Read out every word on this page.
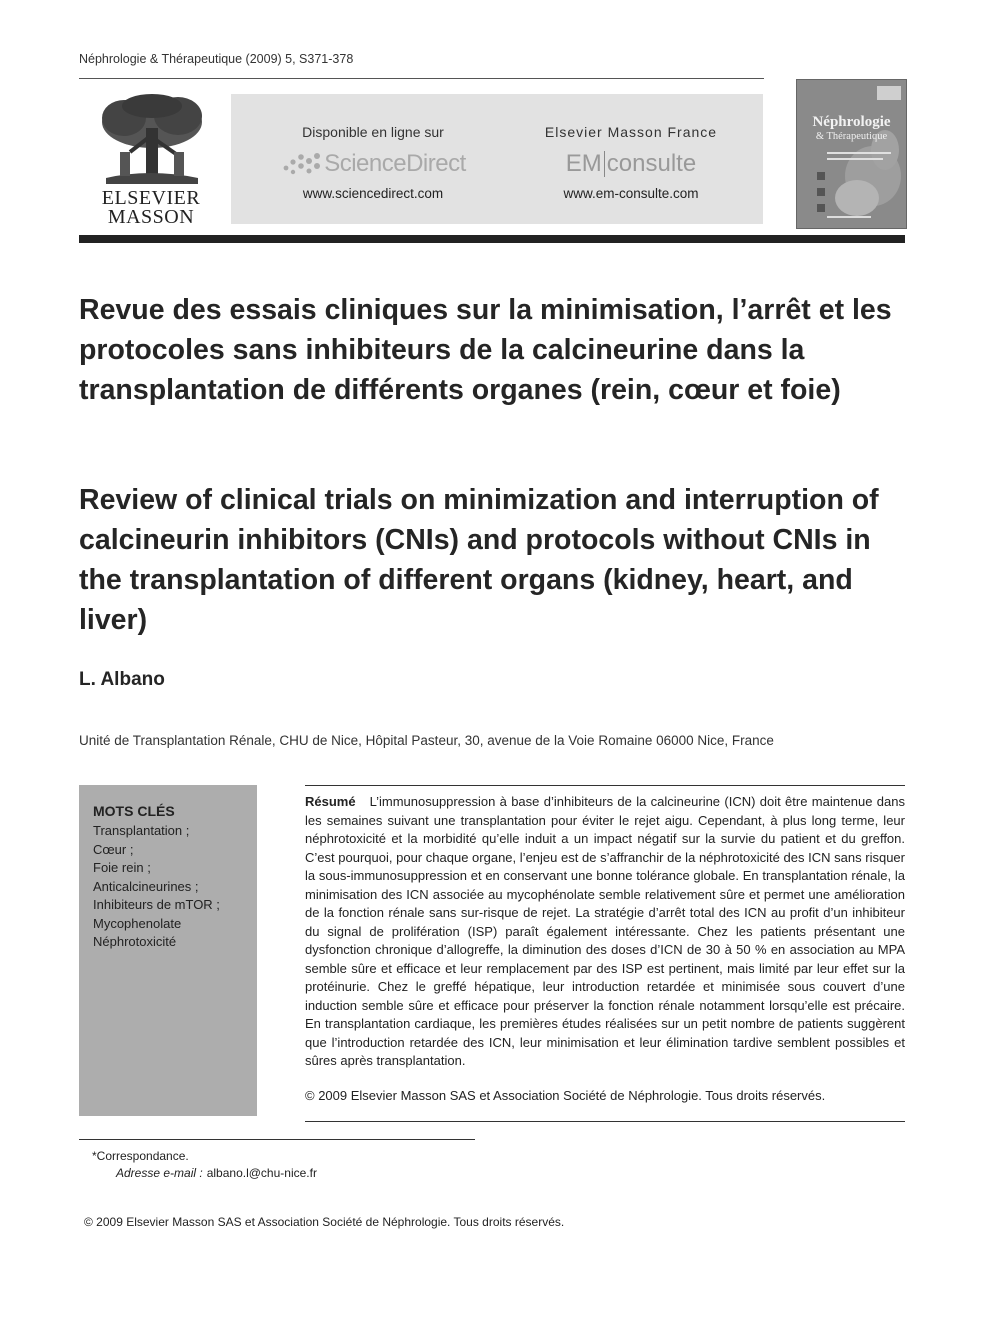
Néphrologie & Thérapeutique (2009) 5, S371-378
ELSEVIER
MASSON
Disponible en ligne sur
ScienceDirect
www.sciencedirect.com
Elsevier Masson France
EM consulte
www.em-consulte.com
Néphrologie
& Thérapeutique
Revue des essais cliniques sur la minimisation, l’arrêt et les protocoles sans inhibiteurs de la calcineurine dans la transplantation de différents organes (rein, cœur et foie)
Review of clinical trials on minimization and interruption of calcineurin inhibitors (CNIs) and protocols without CNIs in the transplantation of different organs (kidney, heart, and liver)
L. Albano
Unité de Transplantation Rénale, CHU de Nice, Hôpital Pasteur, 30, avenue de la Voie Romaine 06000 Nice, France
MOTS CLÉS
Transplantation ;
Cœur ;
Foie rein ;
Anticalcineurines ;
Inhibiteurs de mTOR ;
Mycophenolate
Néphrotoxicité

Résumé L’immunosuppression à base d’inhibiteurs de la calcineurine (ICN) doit être maintenue dans les semaines suivant une transplantation pour éviter le rejet aigu. Cependant, à plus long terme, leur néphrotoxicité et la morbidité qu’elle induit a un impact négatif sur la survie du patient et du greffon. C’est pourquoi, pour chaque organe, l’enjeu est de s’affranchir de la néphrotoxicité des ICN sans risquer la sous-immunosuppression et en conservant une bonne tolérance globale. En transplantation rénale, la minimisation des ICN associée au mycophénolate semble relativement sûre et permet une amélioration de la fonction rénale sans sur-risque de rejet. La stratégie d’arrêt total des ICN au profit d’un inhibiteur du signal de prolifération (ISP) paraît également intéressante. Chez les patients présentant une dysfonction chronique d’allogreffe, la diminution des doses d’ICN de 30 à 50 % en association au MPA semble sûre et efficace et leur remplacement par des ISP est pertinent, mais limité par leur effet sur la protéinurie. Chez le greffé hépatique, leur introduction retardée et minimisée sous couvert d’une induction semble sûre et efficace pour préserver la fonction rénale notamment lorsqu’elle est précaire. En transplantation cardiaque, les premières études réalisées sur un petit nombre de patients suggèrent que l’introduction retardée des ICN, leur minimisation et leur élimination tardive semblent possibles et sûres après transplantation.

© 2009 Elsevier Masson SAS et Association Société de Néphrologie. Tous droits réservés.

*Correspondance.
Adresse e-mail : albano.l@chu-nice.fr
© 2009 Elsevier Masson SAS et Association Société de Néphrologie. Tous droits réservés.
